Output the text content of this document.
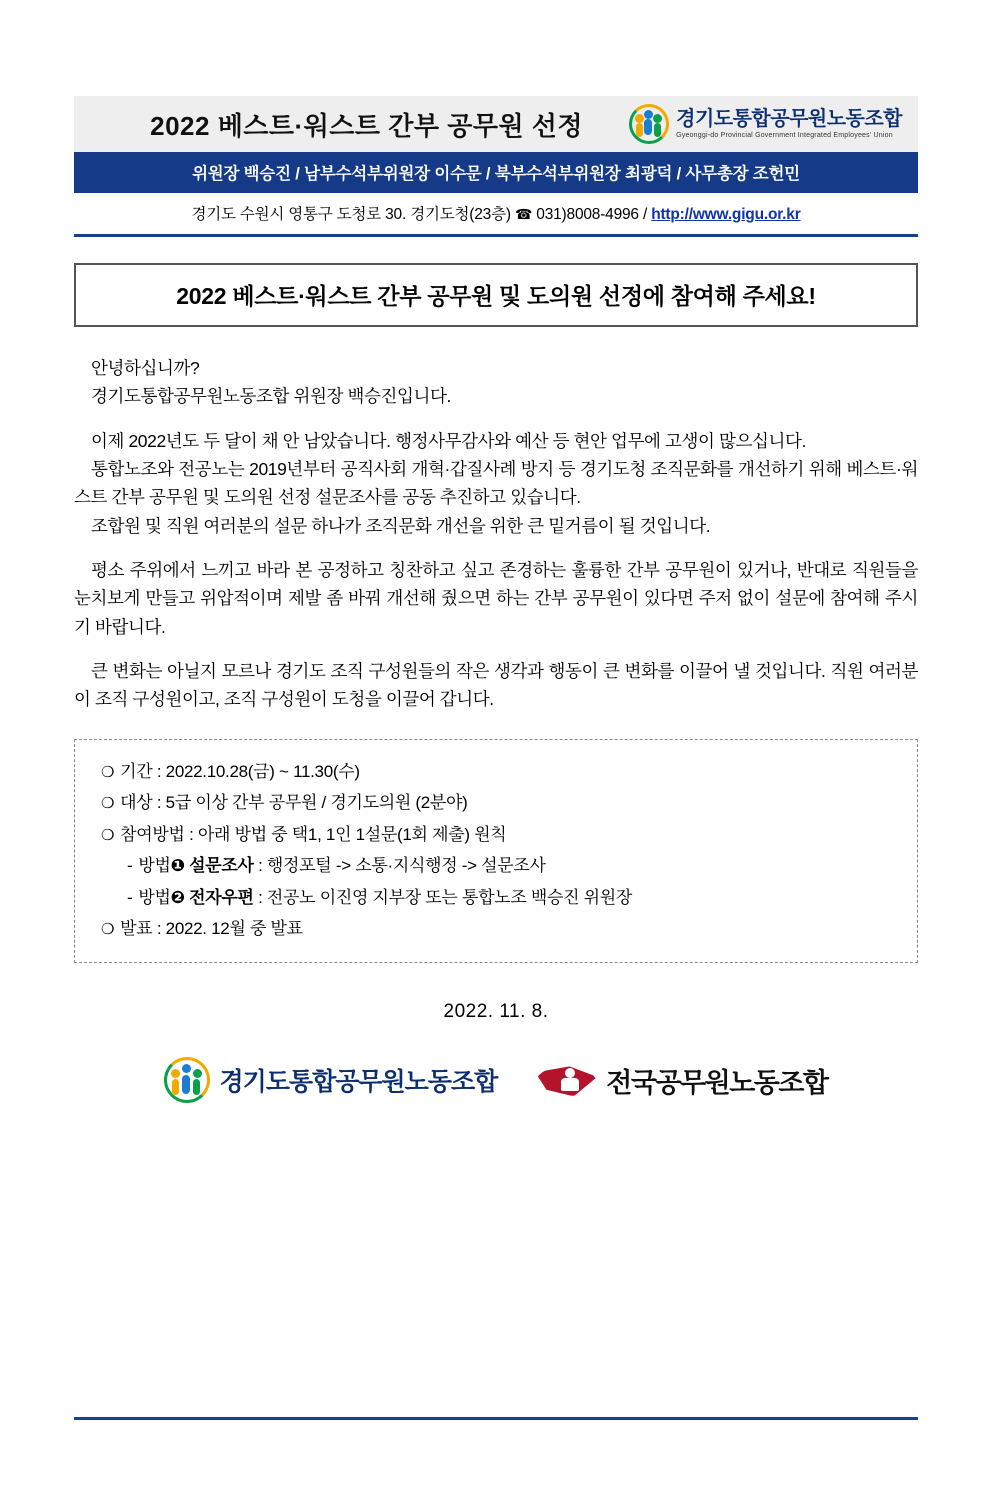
2022 베스트·워스트 간부 공무원 선정	경기도통합공무원노동조합
Gyeonggi-do Provincial Government Integrated Employees' Union
위원장 백승진 / 남부수석부위원장 이수문 / 북부수석부위원장 최광덕 / 사무총장 조헌민
경기도 수원시 영통구 도청로 30. 경기도청(23층) ☎ 031)8008-4996 / http://www.gigu.or.kr
2022 베스트·워스트 간부 공무원 및 도의원 선정에 참여해 주세요!

안녕하십니까?

경기도통합공무원노동조합 위원장 백승진입니다.

이제 2022년도 두 달이 채 안 남았습니다. 행정사무감사와 예산 등 현안 업무에 고생이 많으십니다.

통합노조와 전공노는 2019년부터 공직사회 개혁·갑질사례 방지 등 경기도청 조직문화를 개선하기 위해 베스트·워스트 간부 공무원 및 도의원 선정 설문조사를 공동 추진하고 있습니다.

조합원 및 직원 여러분의 설문 하나가 조직문화 개선을 위한 큰 밑거름이 될 것입니다.

평소 주위에서 느끼고 바라 본 공정하고 칭찬하고 싶고 존경하는 훌륭한 간부 공무원이 있거나, 반대로 직원들을 눈치보게 만들고 위압적이며 제발 좀 바꿔 개선해 줬으면 하는 간부 공무원이 있다면 주저 없이 설문에 참여해 주시기 바랍니다.

큰 변화는 아닐지 모르나 경기도 조직 구성원들의 작은 생각과 행동이 큰 변화를 이끌어 낼 것입니다. 직원 여러분이 조직 구성원이고, 조직 구성원이 도청을 이끌어 갑니다.

❍ 기간 : 2022.10.28(금) ~ 11.30(수)
❍ 대상 : 5급 이상 간부 공무원 / 경기도의원 (2분야)
❍ 참여방법 : 아래 방법 중 택1, 1인 1설문(1회 제출) 원칙
- 방법❶ 설문조사 : 행정포털 -> 소통·지식행정 -> 설문조사
- 방법❷ 전자우편 : 전공노 이진영 지부장 또는 통합노조 백승진 위원장
❍ 발표 : 2022. 12월 중 발표
2022. 11. 8.
경기도통합공무원노동조합	전국공무원노동조합
